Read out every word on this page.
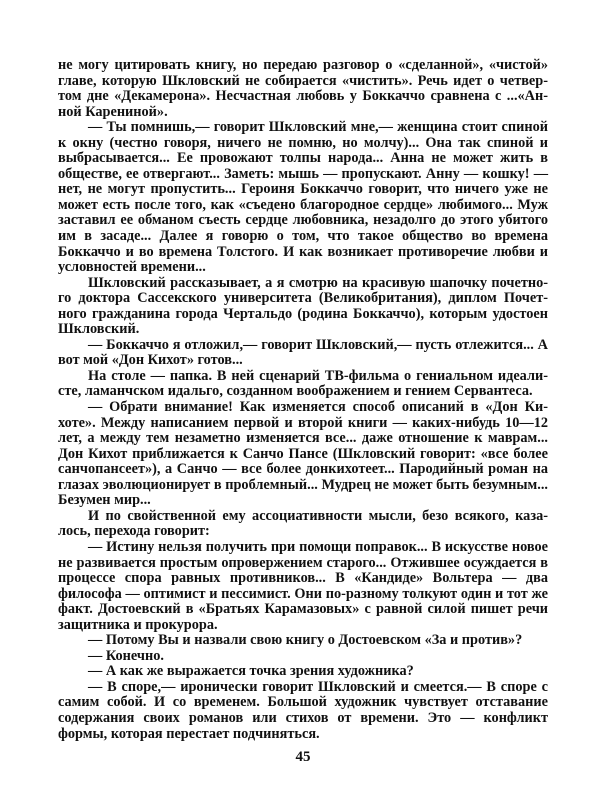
не могу цитировать книгу, но передаю разговор о «сделанной», «чистой» главе, которую Шкловский не собирается «чистить». Речь идет о четвертом дне «Декамерона». Несчастная любовь у Боккаччо сравнена с ...«Анной Карениной».

— Ты помнишь,— говорит Шкловский мне,— женщина стоит спиной к окну (честно говоря, ничего не помню, но молчу)... Она так спиной и выбрасывается... Ее провожают толпы народа... Анна не может жить в обществе, ее отвергают... Заметь: мышь — пропускают. Анну — кошку! — нет, не могут пропустить... Героиня Боккаччо говорит, что ничего уже не может есть после того, как «съедено благородное сердце» любимого... Муж заставил ее обманом съесть сердце любовника, незадолго до этого убитого им в засаде... Далее я говорю о том, что такое общество во времена Боккаччо и во времена Толстого. И как возникает противоречие любви и условностей времени...

Шкловский рассказывает, а я смотрю на красивую шапочку почетного доктора Сассекского университета (Великобритания), диплом Почетного гражданина города Чертальдо (родина Боккаччо), которым удостоен Шкловский.

— Боккаччо я отложил,— говорит Шкловский,— пусть отлежится... А вот мой «Дон Кихот» готов...

На столе — папка. В ней сценарий ТВ-фильма о гениальном идеалисте, ламанчском идальго, созданном воображением и гением Сервантеса.

— Обрати внимание! Как изменяется способ описаний в «Дон Кихоте». Между написанием первой и второй книги — каких-нибудь 10—12 лет, а между тем незаметно изменяется все... даже отношение к маврам... Дон Кихот приближается к Санчо Пансе (Шкловский говорит: «все более санчопансеет»), а Санчо — все более донкихотеет... Пародийный роман на глазах эволюционирует в проблемный... Мудрец не может быть безумным... Безумен мир...

И по свойственной ему ассоциативности мысли, безо всякого, казалось, перехода говорит:

— Истину нельзя получить при помощи поправок... В искусстве новое не развивается простым опровержением старого... Отжившее осуждается в процессе спора равных противников... В «Кандиде» Вольтера — два философа — оптимист и пессимист. Они по-разному толкуют один и тот же факт. Достоевский в «Братьях Карамазовых» с равной силой пишет речи защитника и прокурора.

— Потому Вы и назвали свою книгу о Достоевском «За и против»?

— Конечно.

— А как же выражается точка зрения художника?

— В споре,— иронически говорит Шкловский и смеется.— В споре с самим собой. И со временем. Большой художник чувствует отставание содержания своих романов или стихов от времени. Это — конфликт формы, которая перестает подчиняться.

45
